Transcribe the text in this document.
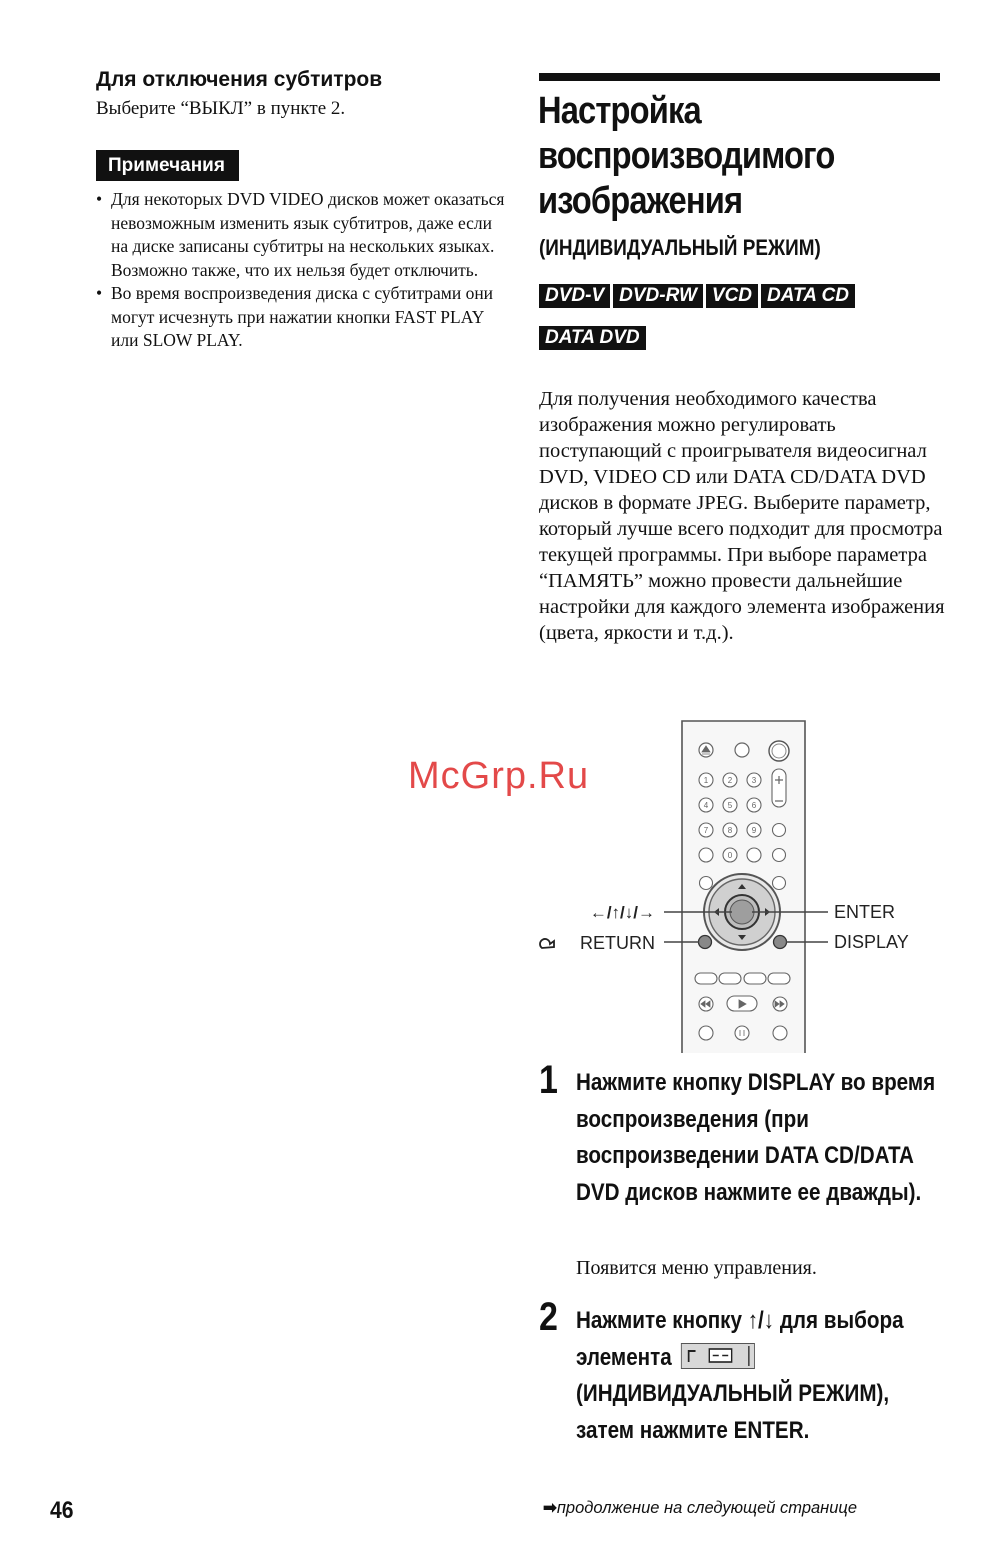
Для отключения субтитров
Выберите “ВЫКЛ” в пункте 2.
Примечания
• Для некоторых DVD VIDEO дисков может оказаться невозможным изменить язык субтитров, даже если на диске записаны субтитры на нескольких языках. Возможно также, что их нельзя будет отключить.
• Во время воспроизведения диска с субтитрами они могут исчезнуть при нажатии кнопки FAST PLAY или SLOW PLAY.
Настройка воспроизводимого изображения
(ИНДИВИДУАЛЬНЫЙ РЕЖИМ)
DVD-V DVD-RW VCD DATA CD
DATA DVD

Для получения необходимого качества изображения можно регулировать поступающий с проигрывателя видеосигнал DVD, VIDEO CD или DATA CD/DATA DVD дисков в формате JPEG. Выберите параметр, который лучше всего подходит для просмотра текущей программы. При выборе параметра “ПАМЯТЬ” можно провести дальнейшие настройки для каждого элемента изображения (цвета, яркости и т.д.).

1 2 3
4 5 6
7 8 9
0
←/↑/↓/→
RETURN
ENTER
DISPLAY
McGrp.Ru
1 Нажмите кнопку DISPLAY во время воспроизведения (при воспроизведении DATA CD/DATA DVD дисков нажмите ее дважды).

Появится меню управления.
2 Нажмите кнопку ↑/↓ для выбора элемента

(ИНДИВИДУАЛЬНЫЙ РЕЖИМ), затем нажмите ENTER.
46	➡продолжение на следующей странице
